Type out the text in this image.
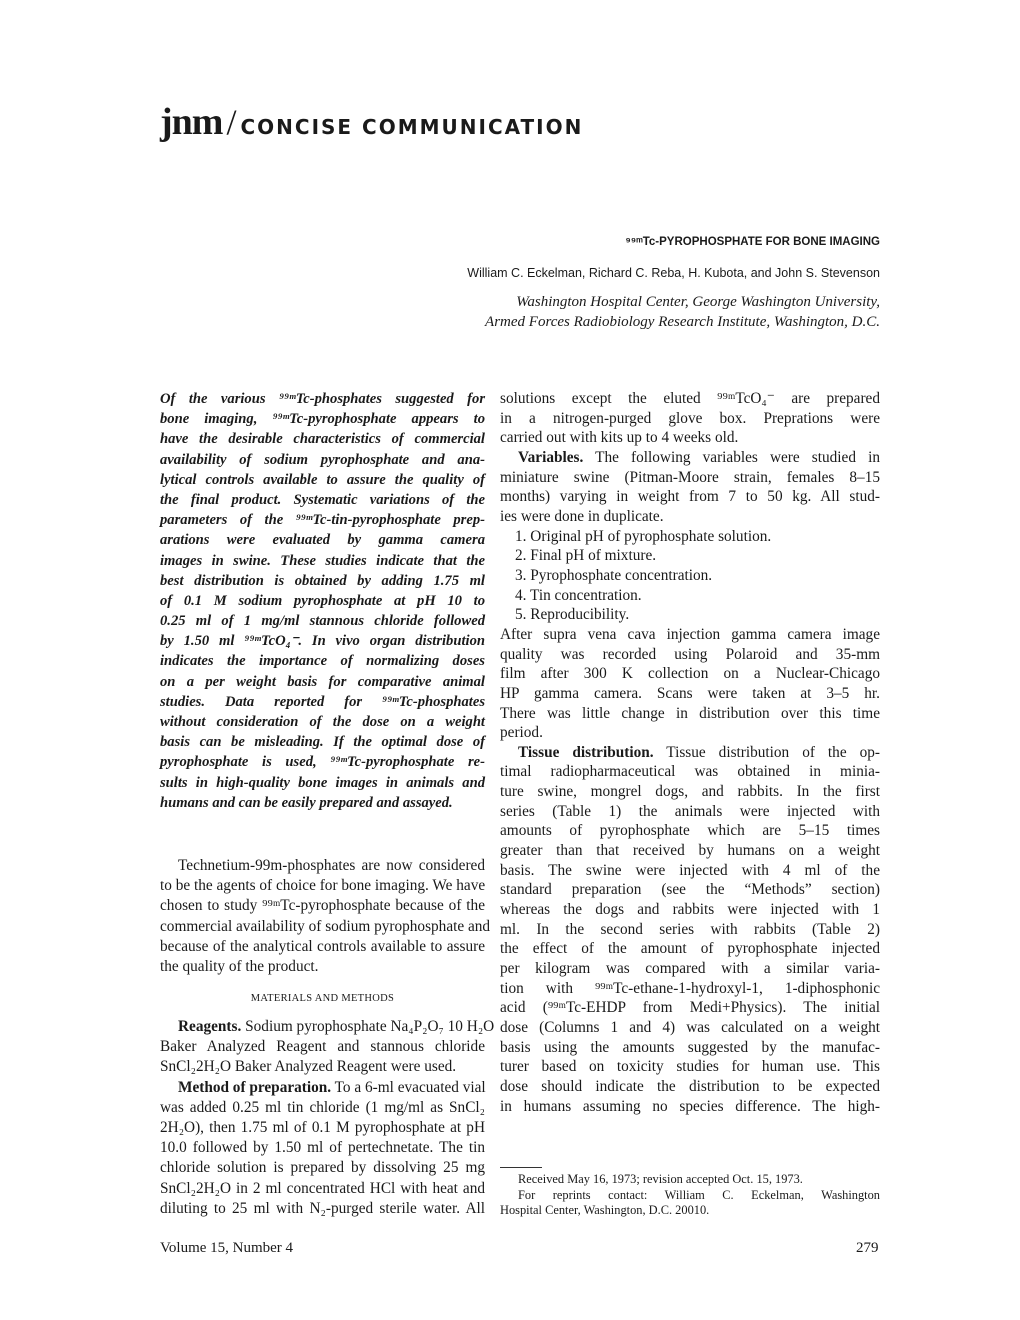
jnm / CONCISE COMMUNICATION
⁹⁹ᵐTc-PYROPHOSPHATE FOR BONE IMAGING
William C. Eckelman, Richard C. Reba, H. Kubota, and John S. Stevenson
Washington Hospital Center, George Washington University,
Armed Forces Radiobiology Research Institute, Washington, D.C.
Of the various ⁹⁹ᵐTc-phosphates suggested for
bone imaging, ⁹⁹ᵐTc-pyrophosphate appears to
have the desirable characteristics of commercial
availability of sodium pyrophosphate and ana-
lytical controls available to assure the quality of
the final product. Systematic variations of the
parameters of the ⁹⁹ᵐTc-tin-pyrophosphate prep-
arations were evaluated by gamma camera
images in swine. These studies indicate that the
best distribution is obtained by adding 1.75 ml
of 0.1 M sodium pyrophosphate at pH 10 to
0.25 ml of 1 mg/ml stannous chloride followed
by 1.50 ml ⁹⁹ᵐTcO₄⁻. In vivo organ distribution
indicates the importance of normalizing doses
on a per weight basis for comparative animal
studies. Data reported for ⁹⁹ᵐTc-phosphates
without consideration of the dose on a weight
basis can be misleading. If the optimal dose of
pyrophosphate is used, ⁹⁹ᵐTc-pyrophosphate re-
sults in high-quality bone images in animals and
humans and can be easily prepared and assayed.
Technetium-99m-phosphates are now considered
to be the agents of choice for bone imaging. We have
chosen to study ⁹⁹ᵐTc-pyrophosphate because of the
commercial availability of sodium pyrophosphate and
because of the analytical controls available to assure
the quality of the product.
MATERIALS AND METHODS
Reagents. Sodium pyrophosphate Na₄P₂O₇ 10 H₂O
Baker Analyzed Reagent and stannous chloride
SnCl₂2H₂O Baker Analyzed Reagent were used.
Method of preparation. To a 6-ml evacuated vial
was added 0.25 ml tin chloride (1 mg/ml as SnCl₂
2H₂O), then 1.75 ml of 0.1 M pyrophosphate at pH
10.0 followed by 1.50 ml of pertechnetate. The tin
chloride solution is prepared by dissolving 25 mg
SnCl₂2H₂O in 2 ml concentrated HCl with heat and
diluting to 25 ml with N₂-purged sterile water. All
solutions except the eluted ⁹⁹ᵐTcO₄⁻ are prepared
in a nitrogen-purged glove box. Preprations were
carried out with kits up to 4 weeks old.
Variables. The following variables were studied in
miniature swine (Pitman-Moore strain, females 8–15
months) varying in weight from 7 to 50 kg. All stud-
ies were done in duplicate.
1. Original pH of pyrophosphate solution.
2. Final pH of mixture.
3. Pyrophosphate concentration.
4. Tin concentration.
5. Reproducibility.
After supra vena cava injection gamma camera image
quality was recorded using Polaroid and 35-mm
film after 300 K collection on a Nuclear-Chicago
HP gamma camera. Scans were taken at 3–5 hr.
There was little change in distribution over this time
period.
Tissue distribution. Tissue distribution of the op-
timal radiopharmaceutical was obtained in minia-
ture swine, mongrel dogs, and rabbits. In the first
series (Table 1) the animals were injected with
amounts of pyrophosphate which are 5–15 times
greater than that received by humans on a weight
basis. The swine were injected with 4 ml of the
standard preparation (see the “Methods” section)
whereas the dogs and rabbits were injected with 1
ml. In the second series with rabbits (Table 2)
the effect of the amount of pyrophosphate injected
per kilogram was compared with a similar varia-
tion with ⁹⁹ᵐTc-ethane-1-hydroxyl-1, 1-diphosphonic
acid (⁹⁹ᵐTc-EHDP from Medi+Physics). The initial
dose (Columns 1 and 4) was calculated on a weight
basis using the amounts suggested by the manufac-
turer based on toxicity studies for human use. This
dose should indicate the distribution to be expected
in humans assuming no species difference. The high-
Received May 16, 1973; revision accepted Oct. 15, 1973.
For reprints contact: William C. Eckelman, Washington
Hospital Center, Washington, D.C. 20010.
Volume 15, Number 4	279
